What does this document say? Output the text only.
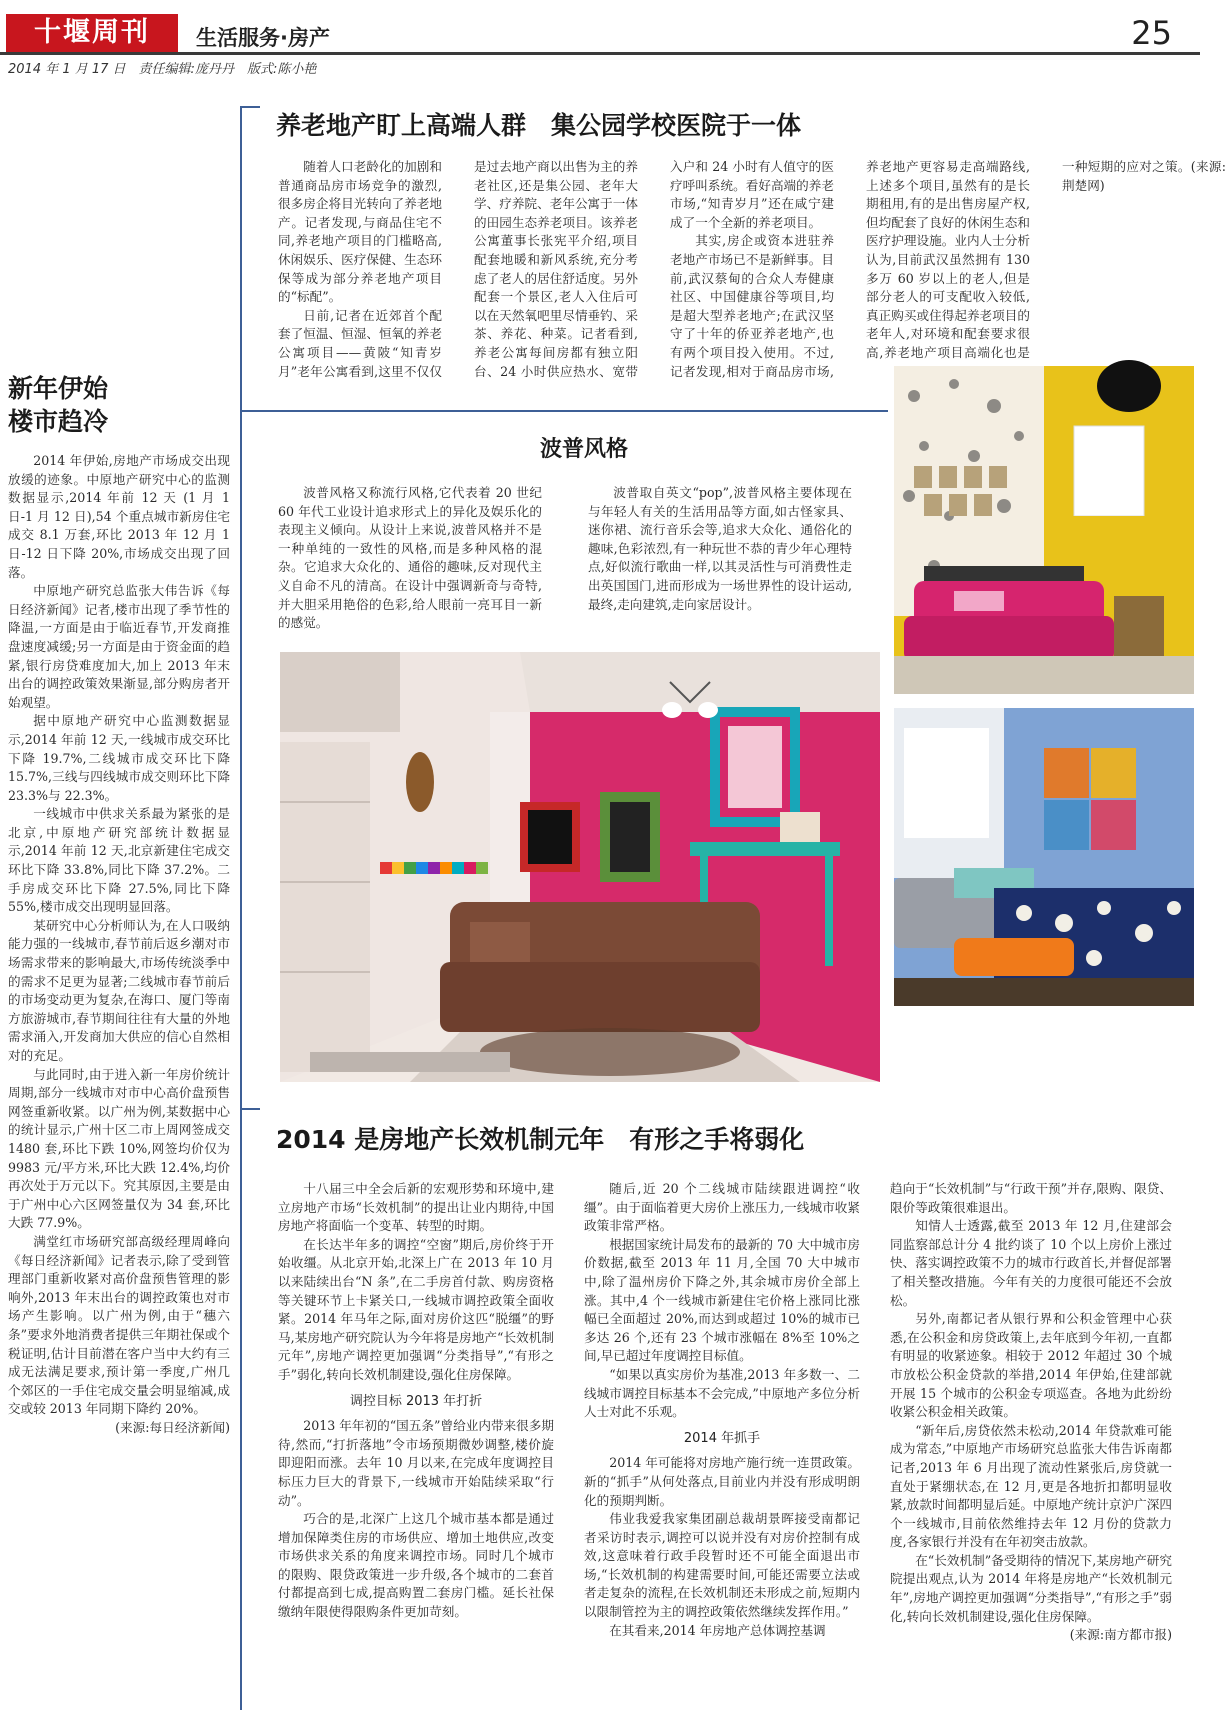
十堰周刊	生活服务·房产	25
2014 年 1 月 17 日　责任编辑:庞丹丹　版式:陈小艳
养老地产盯上高端人群　集公园学校医院于一体

随着人口老龄化的加剧和普通商品房市场竞争的激烈,很多房企将目光转向了养老地产。记者发现,与商品住宅不同,养老地产项目的门槛略高,休闲娱乐、医疗保健、生态环保等成为部分养老地产项目的“标配”。

日前,记者在近郊首个配套了恒温、恒湿、恒氧的养老公寓项目——黄陂“知青岁月”老年公寓看到,这里不仅仅是过去地产商以出售为主的养老社区,还是集公园、老年大学、疗养院、老年公寓于一体的田园生态养老项目。该养老公寓董事长张宪平介绍,项目配套地暖和新风系统,充分考虑了老人的居住舒适度。另外配套一个景区,老人入住后可以在天然氧吧里尽情垂钓、采茶、养花、种菜。记者看到,养老公寓每间房都有独立阳台、24 小时供应热水、宽带入户和 24 小时有人值守的医疗呼叫系统。看好高端的养老市场,“知青岁月”还在咸宁建成了一个全新的养老项目。

其实,房企或资本进驻养老地产市场已不是新鲜事。目前,武汉蔡甸的合众人寿健康社区、中国健康谷等项目,均是超大型养老地产;在武汉坚守了十年的侨亚养老地产,也有两个项目投入使用。不过,记者发现,相对于商品房市场,养老地产更容易走高端路线,上述多个项目,虽然有的是长期租用,有的是出售房屋产权,但均配套了良好的休闲生态和医疗护理设施。业内人士分析认为,目前武汉虽然拥有 130 多万 60 岁以上的老人,但是部分老人的可支配收入较低,真正购买或住得起养老项目的老年人,对环境和配套要求很高,养老地产项目高端化也是一种短期的应对之策。(来源:荆楚网)

波普风格
波普风格又称流行风格,它代表着 20 世纪 60 年代工业设计追求形式上的异化及娱乐化的表现主义倾向。从设计上来说,波普风格并不是一种单纯的一致性的风格,而是多种风格的混杂。它追求大众化的、通俗的趣味,反对现代主义自命不凡的清高。在设计中强调新奇与奇特,并大胆采用艳俗的色彩,给人眼前一亮耳目一新的感觉。
波普取自英文“pop”,波普风格主要体现在与年轻人有关的生活用品等方面,如古怪家具、迷你裙、流行音乐会等,追求大众化、通俗化的趣味,色彩浓烈,有一种玩世不恭的青少年心理特点,好似流行歌曲一样,以其灵活性与可消费性走出英国国门,进而形成为一场世界性的设计运动,最终,走向建筑,走向家居设计。
新年伊始
楼市趋冷

2014 年伊始,房地产市场成交出现放缓的迹象。中原地产研究中心的监测数据显示,2014 年前 12 天 (1 月 1 日-1 月 12 日),54 个重点城市新房住宅成交 8.1 万套,环比 2013 年 12 月 1 日-12 日下降 20%,市场成交出现了回落。

中原地产研究总监张大伟告诉《每日经济新闻》记者,楼市出现了季节性的降温,一方面是由于临近春节,开发商推盘速度减缓;另一方面是由于资金面的趋紧,银行房贷难度加大,加上 2013 年末出台的调控政策效果渐显,部分购房者开始观望。

据中原地产研究中心监测数据显示,2014 年前 12 天,一线城市成交环比下降 19.7%,二线城市成交环比下降 15.7%,三线与四线城市成交则环比下降 23.3%与 22.3%。

一线城市中供求关系最为紧张的是北京,中原地产研究部统计数据显示,2014 年前 12 天,北京新建住宅成交环比下降 33.8%,同比下降 37.2%。二手房成交环比下降 27.5%,同比下降 55%,楼市成交出现明显回落。

某研究中心分析师认为,在人口吸纳能力强的一线城市,春节前后返乡潮对市场需求带来的影响最大,市场传统淡季中的需求不足更为显著;二线城市春节前后的市场变动更为复杂,在海口、厦门等南方旅游城市,春节期间往往有大量的外地需求涌入,开发商加大供应的信心自然相对的充足。

与此同时,由于进入新一年房价统计周期,部分一线城市对市中心高价盘预售网签重新收紧。以广州为例,某数据中心的统计显示,广州十区二市上周网签成交 1480 套,环比下跌 10%,网签均价仅为 9983 元/平方米,环比大跌 12.4%,均价再次处于万元以下。究其原因,主要是由于广州中心六区网签量仅为 34 套,环比大跌 77.9%。

满堂红市场研究部高级经理周峰向《每日经济新闻》记者表示,除了受到管理部门重新收紧对高价盘预售管理的影响外,2013 年末出台的调控政策也对市场产生影响。以广州为例,由于“穗六条”要求外地消费者提供三年期社保或个税证明,估计目前潜在客户当中大约有三成无法满足要求,预计第一季度,广州几个郊区的一手住宅成交量会明显缩减,成交或较 2013 年同期下降约 20%。

(来源:每日经济新闻)

2014 是房地产长效机制元年　有形之手将弱化

十八届三中全会后新的宏观形势和环境中,建立房地产市场“长效机制”的提出让业内期待,中国房地产将面临一个变革、转型的时期。

在长达半年多的调控“空窗”期后,房价终于开始收缰。从北京开始,北深上广在 2013 年 10 月以来陆续出台“N 条”,在二手房首付款、购房资格等关键环节上卡紧关口,一线城市调控政策全面收紧。2014 年马年之际,面对房价这匹“脱缰”的野马,某房地产研究院认为今年将是房地产“长效机制元年”,房地产调控更加强调“分类指导”,“有形之手”弱化,转向长效机制建设,强化住房保障。

调控目标 2013 年打折

2013 年年初的“国五条”曾给业内带来很多期待,然而,“打折落地”令市场预期微妙调整,楼价旋即迎阳而涨。去年 10 月以来,在完成年度调控目标压力巨大的背景下,一线城市开始陆续采取“行动”。

巧合的是,北深广上这几个城市基本都是通过增加保障类住房的市场供应、增加土地供应,改变市场供求关系的角度来调控市场。同时几个城市的限购、限贷政策进一步升级,各个城市的二套首付都提高到七成,提高购置二套房门槛。延长社保缴纳年限使得限购条件更加苛刻。

随后,近 20 个二线城市陆续跟进调控“收缰”。由于面临着更大房价上涨压力,一线城市收紧政策非常严格。

根据国家统计局发布的最新的 70 大中城市房价数据,截至 2013 年 11 月,全国 70 大中城市中,除了温州房价下降之外,其余城市房价全部上涨。其中,4 个一线城市新建住宅价格上涨同比涨幅已全面超过 20%,而达到或超过 10%的城市已多达 26 个,还有 23 个城市涨幅在 8%至 10%之间,早已超过年度调控目标值。

“如果以真实房价为基准,2013 年多数一、二线城市调控目标基本不会完成,”中原地产多位分析人士对此不乐观。

2014 年抓手

2014 年可能将对房地产施行统一连贯政策。新的“抓手”从何处落点,目前业内并没有形成明朗化的预期判断。

伟业我爱我家集团副总裁胡景晖接受南都记者采访时表示,调控可以说并没有对房价控制有成效,这意味着行政手段暂时还不可能全面退出市场,“长效机制的构建需要时间,可能还需要立法或者走复杂的流程,在长效机制还未形成之前,短期内以限制管控为主的调控政策依然继续发挥作用。”

在其看来,2014 年房地产总体调控基调

趋向于“长效机制”与“行政干预”并存,限购、限贷、限价等政策很难退出。

知情人士透露,截至 2013 年 12 月,住建部会同监察部总计分 4 批约谈了 10 个以上房价上涨过快、落实调控政策不力的城市行政首长,并督促部署了相关整改措施。今年有关的力度很可能还不会放松。

另外,南都记者从银行界和公积金管理中心获悉,在公积金和房贷政策上,去年底到今年初,一直都有明显的收紧迹象。相较于 2012 年超过 30 个城市放松公积金贷款的举措,2014 年伊始,住建部就开展 15 个城市的公积金专项巡查。各地为此纷纷收紧公积金相关政策。

“新年后,房贷依然未松动,2014 年贷款难可能成为常态,”中原地产市场研究总监张大伟告诉南都记者,2013 年 6 月出现了流动性紧张后,房贷就一直处于紧绷状态,在 12 月,更是各地折扣都明显收紧,放款时间都明显后延。中原地产统计京沪广深四个一线城市,目前依然维持去年 12 月份的贷款力度,各家银行并没有在年初突击放款。

在“长效机制”备受期待的情况下,某房地产研究院提出观点,认为 2014 年将是房地产“长效机制元年”,房地产调控更加强调“分类指导”,“有形之手”弱化,转向长效机制建设,强化住房保障。

(来源:南方都市报)
